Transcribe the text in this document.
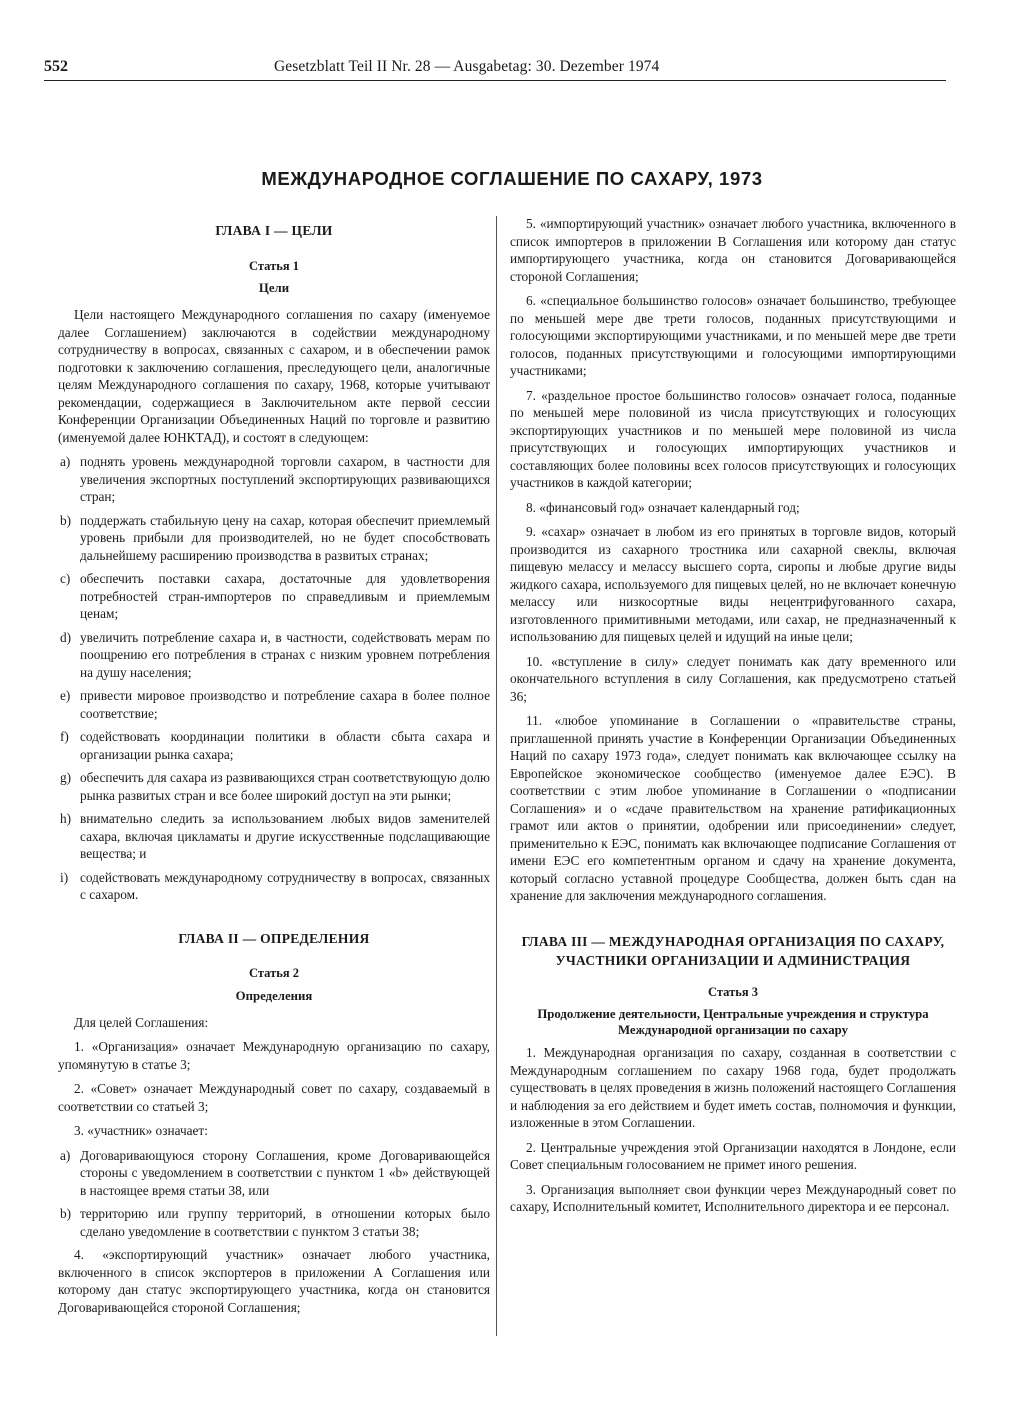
552	Gesetzblatt Teil II Nr. 28 — Ausgabetag: 30. Dezember 1974
МЕЖДУНАРОДНОЕ СОГЛАШЕНИЕ ПО САХАРУ, 1973
ГЛАВА I — ЦЕЛИ
Статья 1
Цели

Цели настоящего Международного соглашения по сахару (именуемое далее Соглашением) заключаются в содействии международному сотрудничеству в вопросах, связанных с сахаром, и в обеспечении рамок подготовки к заключению соглашения, преследующего цели, аналогичные целям Международного соглашения по сахару, 1968, которые учитывают рекомендации, содержащиеся в Заключительном акте первой сессии Конференции Организации Объединенных Наций по торговле и развитию (именуемой далее ЮНКТАД), и состоят в следующем:

a) поднять уровень международной торговли сахаром, в частности для увеличения экспортных поступлений экспортирующих развивающихся стран;
b) поддержать стабильную цену на сахар, которая обеспечит приемлемый уровень прибыли для производителей, но не будет способствовать дальнейшему расширению производства в развитых странах;
c) обеспечить поставки сахара, достаточные для удовлетворения потребностей стран-импортеров по справедливым и приемлемым ценам;
d) увеличить потребление сахара и, в частности, содействовать мерам по поощрению его потребления в странах с низким уровнем потребления на душу населения;
e) привести мировое производство и потребление сахара в более полное соответствие;
f) содействовать координации политики в области сбыта сахара и организации рынка сахара;
g) обеспечить для сахара из развивающихся стран соответствующую долю рынка развитых стран и все более широкий доступ на эти рынки;
h) внимательно следить за использованием любых видов заменителей сахара, включая цикламаты и другие искусственные подслащивающие вещества; и
i) содействовать международному сотрудничеству в вопросах, связанных с сахаром.
ГЛАВА II — ОПРЕДЕЛЕНИЯ
Статья 2
Определения

Для целей Соглашения:

1. «Организация» означает Международную организацию по сахару, упомянутую в статье 3;

2. «Совет» означает Международный совет по сахару, создаваемый в соответствии со статьей 3;

3. «участник» означает:

a) Договаривающуюся сторону Соглашения, кроме Договаривающейся стороны с уведомлением в соответствии с пунктом 1 «b» действующей в настоящее время статьи 38, или
b) территорию или группу территорий, в отношении которых было сделано уведомление в соответствии с пунктом 3 статьи 38;

4. «экспортирующий участник» означает любого участника, включенного в список экспортеров в приложении А Соглашения или которому дан статус экспортирующего участника, когда он становится Договаривающейся стороной Соглашения;

5. «импортирующий участник» означает любого участника, включенного в список импортеров в приложении В Соглашения или которому дан статус импортирующего участника, когда он становится Договаривающейся стороной Соглашения;

6. «специальное большинство голосов» означает большинство, требующее по меньшей мере две трети голосов, поданных присутствующими и голосующими экспортирующими участниками, и по меньшей мере две трети голосов, поданных присутствующими и голосующими импортирующими участниками;

7. «раздельное простое большинство голосов» означает голоса, поданные по меньшей мере половиной из числа присутствующих и голосующих экспортирующих участников и по меньшей мере половиной из числа присутствующих и голосующих импортирующих участников и составляющих более половины всех голосов присутствующих и голосующих участников в каждой категории;

8. «финансовый год» означает календарный год;

9. «сахар» означает в любом из его принятых в торговле видов, который производится из сахарного тростника или сахарной свеклы, включая пищевую мелассу и мелассу высшего сорта, сиропы и любые другие виды жидкого сахара, используемого для пищевых целей, но не включает конечную мелассу или низкосортные виды нецентрифугованного сахара, изготовленного примитивными методами, или сахар, не предназначенный к использованию для пищевых целей и идущий на иные цели;

10. «вступление в силу» следует понимать как дату временного или окончательного вступления в силу Соглашения, как предусмотрено статьей 36;

11. «любое упоминание в Соглашении о «правительстве страны, приглашенной принять участие в Конференции Организации Объединенных Наций по сахару 1973 года», следует понимать как включающее ссылку на Европейское экономическое сообщество (именуемое далее ЕЭС). В соответствии с этим любое упоминание в Соглашении о «подписании Соглашения» и о «сдаче правительством на хранение ратификационных грамот или актов о принятии, одобрении или присоединении» следует, применительно к ЕЭС, понимать как включающее подписание Соглашения от имени ЕЭС его компетентным органом и сдачу на хранение документа, который согласно уставной процедуре Сообщества, должен быть сдан на хранение для заключения международного соглашения.

ГЛАВА III — МЕЖДУНАРОДНАЯ ОРГАНИЗАЦИЯ ПО САХАРУ, УЧАСТНИКИ ОРГАНИЗАЦИИ И АДМИНИСТРАЦИЯ
Статья 3
Продолжение деятельности, Центральные учреждения и структура Международной организации по сахару

1. Международная организация по сахару, созданная в соответствии с Международным соглашением по сахару 1968 года, будет продолжать существовать в целях проведения в жизнь положений настоящего Соглашения и наблюдения за его действием и будет иметь состав, полномочия и функции, изложенные в этом Соглашении.

2. Центральные учреждения этой Организации находятся в Лондоне, если Совет специальным голосованием не примет иного решения.

3. Организация выполняет свои функции через Международный совет по сахару, Исполнительный комитет, Исполнительного директора и ее персонал.
